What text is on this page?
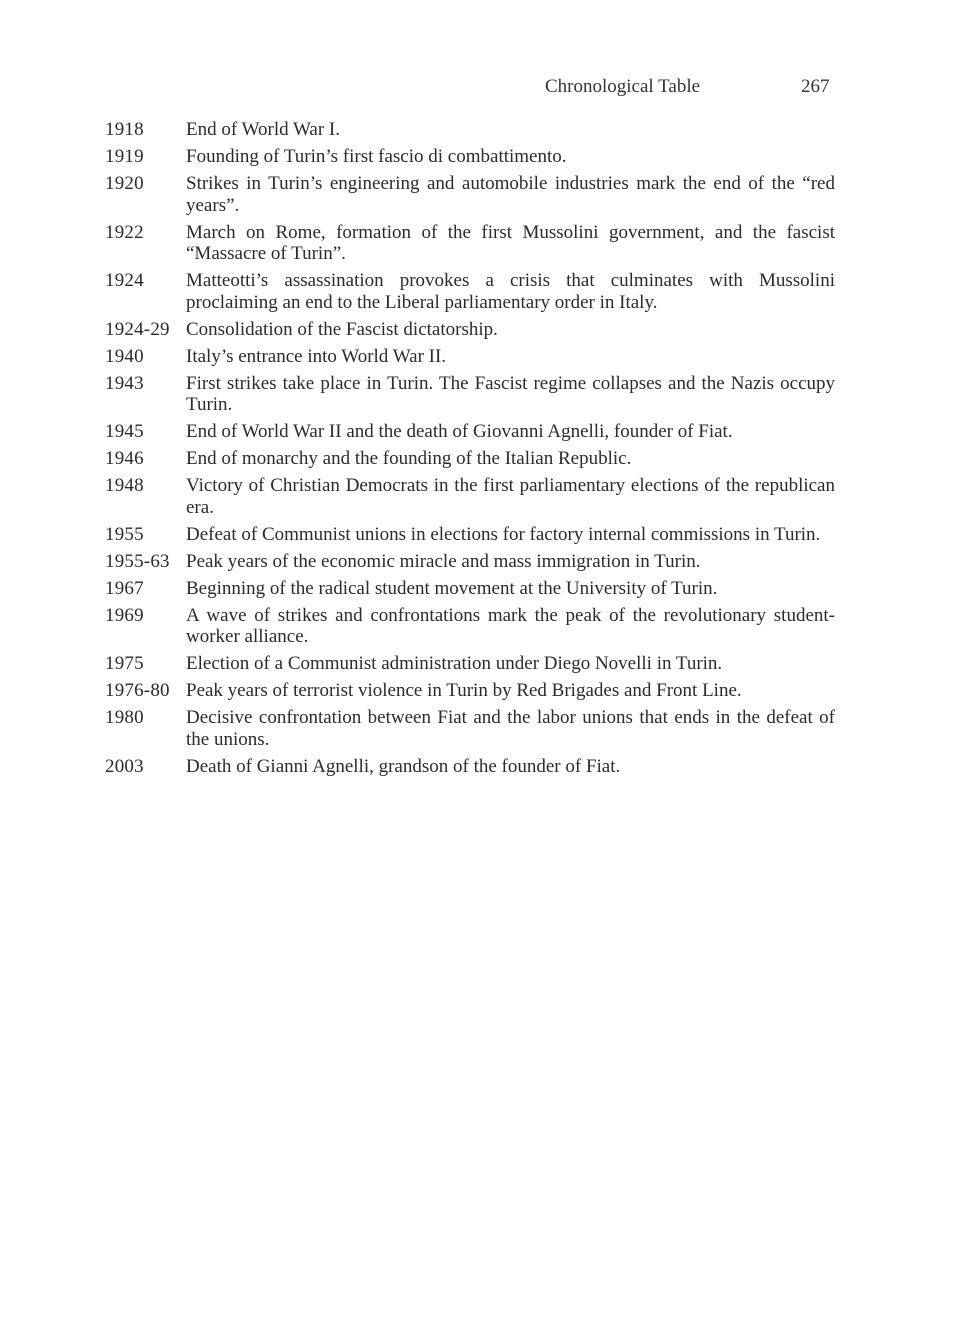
Chronological Table	267
1918	End of World War I.
1919	Founding of Turin’s first fascio di combattimento.
1920	Strikes in Turin’s engineering and automobile industries mark the end of the “red years”.
1922	March on Rome, formation of the first Mussolini government, and the fascist “Massacre of Turin”.
1924	Matteotti’s assassination provokes a crisis that culminates with Mussolini proclaiming an end to the Liberal parliamentary order in Italy.
1924-29 Consolidation of the Fascist dictatorship.
1940	Italy’s entrance into World War II.
1943	First strikes take place in Turin. The Fascist regime collapses and the Nazis occupy Turin.
1945	End of World War II and the death of Giovanni Agnelli, founder of Fiat.
1946	End of monarchy and the founding of the Italian Republic.
1948	Victory of Christian Democrats in the first parliamentary elections of the republican era.
1955	Defeat of Communist unions in elections for factory internal commissions in Turin.
1955-63 Peak years of the economic miracle and mass immigration in Turin.
1967	Beginning of the radical student movement at the University of Turin.
1969	A wave of strikes and confrontations mark the peak of the revolutionary student-worker alliance.
1975	Election of a Communist administration under Diego Novelli in Turin.
1976-80 Peak years of terrorist violence in Turin by Red Brigades and Front Line.
1980	Decisive confrontation between Fiat and the labor unions that ends in the defeat of the unions.
2003	Death of Gianni Agnelli, grandson of the founder of Fiat.
